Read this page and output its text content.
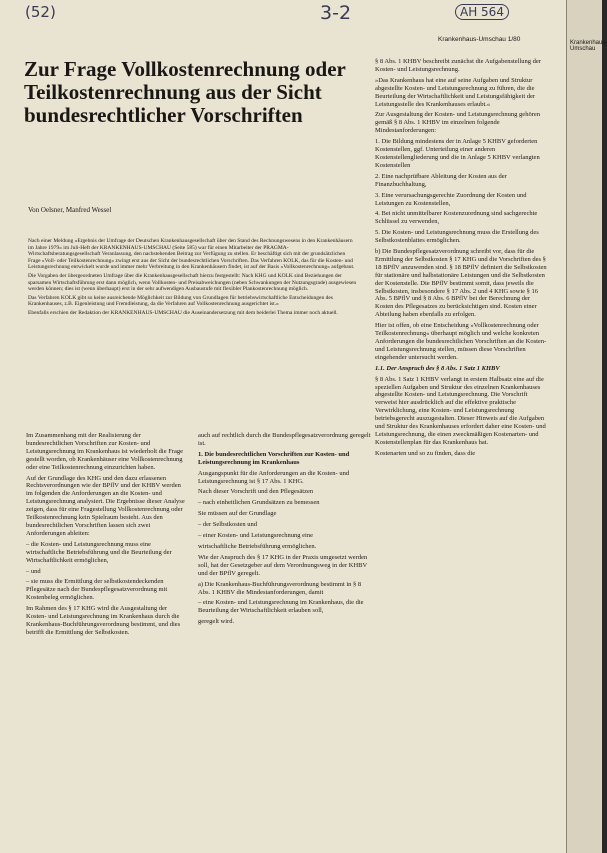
(52)	3-2	AH 564
Krankenhaus-Umschau 1/80
Zur Frage Vollkostenrechnung oder Teilkostenrechnung aus der Sicht bundesrechtlicher Vorschriften
Von Oelsner, Manfred Wessel

Nach einer Meldung »Ergebnis der Umfrage der Deutschen Krankenhausgesellschaft über den Stand des Rechnungswesens in den Krankenhäusern im Jahre 1979« im Juli-Heft der KRANKENHAUS-UMSCHAU (Seite 585) war für einen Mitarbeiter der PRAGMA-Wirtschaftsberatungsgesellschaft Veranlassung, den nachstehenden Beitrag zur Verfügung zu stellen. Er beschäftigt sich mit der grundsätzlichen Frage »Voll- oder Teilkostenrechnung« zwingt erst aus der Sicht der bundesrechtlichen Vorschriften. Das Verfahren KOLK, das für die Kosten- und Leistungsrechnung entwickelt wurde und immer mehr Verbreitung in den Krankenhäusern findet, ist auf der Basis »Vollkostenrechnung« aufgebaut.

Die Vorgaben der übergeordneten Umfrage über die Krankenhausgesellschaft hierzu festgestellt: Nach KHG und KOLK sind Beziehungen der sparsamen Wirtschaftsführung erst dann möglich, wenn Vollkosten- und Preisabweichungen (neben Schwankungen der Nutzungsgrade) ausgewiesen werden können; dies ist (wenn überhaupt) erst in der sehr aufwendigen Ausbaustufe mit flexibler Plankostenrechnung möglich.

Das Verfahren KOLK gibt so keine ausreichende Möglichkeit zur Bildung von Grundlagen für betriebswirtschaftliche Entscheidungen des Krankenhauses, z.B. Eigenleistung und Fremdleistung, da die Verfahren auf Vollkostenrechnung ausgerichtet ist.«

Ebenfalls erschien der Redaktion der KRANKENHAUS-UMSCHAU die Auseinandersetzung mit dem beiderlei Thema immer noch aktuell.

Im Zusammenhang mit der Realisierung der bundesrechtlichen Vorschriften zur Kosten- und Leistungsrechnung im Krankenhaus ist wiederholt die Frage gestellt worden, ob Krankenhäuser eine Vollkostenrechnung oder eine Teilkostenrechnung einzurichten haben.

Auf der Grundlage des KHG und den dazu erlassenen Rechtsverordnungen wie der BPflV und der KHBV werden im folgenden die Anforderungen an die Kosten- und Leistungsrechnung analysiert. Die Ergebnisse dieser Analyse zeigen, dass für eine Fragestellung Vollkostenrechnung oder Teilkostenrechnung kein Spielraum besteht. Aus den bundesrechtlichen Vorschriften lassen sich zwei Anforderungen ableiten:

– die Kosten- und Leistungsrechnung muss eine wirtschaftliche Betriebsführung und die Beurteilung der Wirtschaftlichkeit ermöglichen,

– und

– sie muss die Ermittlung der selbstkostendeckenden Pflegesätze nach der Bundespflegesatzverordnung mit Kostenbeleg ermöglichen.

Im Rahmen des § 17 KHG wird die Ausgestaltung der Kosten- und Leistungsrechnung im Krankenhaus durch die Krankenhaus-Buchführungsverordnung bestimmt, und dies betrifft die Ermittlung der Selbstkosten.

auch auf rechtlich durch die Bundespflegesatzverordnung geregelt ist.

1. Die bundesrechtlichen Vorschriften zur Kosten- und Leistungsrechnung im Krankenhaus

Ausgangspunkt für die Anforderungen an die Kosten- und Leistungsrechnung ist § 17 Abs. 1 KHG.

Nach dieser Vorschrift und den Pflegesätzen

– nach einheitlichen Grundsätzen zu bemessen

Sie müssen auf der Grundlage

– der Selbstkosten und

– einer Kosten- und Leistungsrechnung eine

wirtschaftliche Betriebsführung ermöglichen.

Wie der Anspruch des § 17 KHG in der Praxis umgesetzt werden soll, hat der Gesetzgeber auf dem Verordnungsweg in der KHBV und der BPflV geregelt.

a) Die Krankenhaus-Buchführungsverordnung bestimmt in § 8 Abs. 1 KHBV die Mindestanforderungen, damit

– eine Kosten- und Leistungsrechnung im Krankenhaus, die die Beurteilung der Wirtschaftlichkeit erlauben soll,

geregelt wird.

§ 8 Abs. 1 KHBV beschreibt zunächst die Aufgabenstellung der Kosten- und Leistungsrechnung.

»Das Krankenhaus hat eine auf seine Aufgaben und Struktur abgestellte Kosten- und Leistungsrechnung zu führen, die die Beurteilung der Wirtschaftlichkeit und Leistungsfähigkeit der Leistungsstelle des Krankenhauses erlaubt.«

Zur Ausgestaltung der Kosten- und Leistungsrechnung gehören gemäß § 8 Abs. 1 KHBV im einzelnen folgende Mindestanforderungen:

1. Die Bildung mindestens der in Anlage 5 KHBV geforderten Kostenstellen, ggf. Unterteilung einer anderen Kostenstellengliederung und die in Anlage 5 KHBV verlangten Kostenstellen

2. Eine nachprüfbare Ableitung der Kosten aus der Finanzbuchhaltung,

3. Eine verursachungsgerechte Zuordnung der Kosten und Leistungen zu Kostenstellen,

4. Bei nicht unmittelbarer Kostenzuordnung sind sachgerechte Schlüssel zu verwenden,

5. Die Kosten- und Leistungsrechnung muss die Erstellung des Selbstkostenblattes ermöglichen.

b) Die Bundespflegesatzverordnung schreibt vor, dass für die Ermittlung der Selbstkosten § 17 KHG und die Vorschriften des § 18 BPflV anzuwenden sind. § 18 BPflV definiert die Selbstkosten für stationäre und halbstationäre Leistungen und die Selbstkosten der Kostenstelle. Die BPflV bestimmt somit, dass jeweils die Selbstkosten, insbesondere § 17 Abs. 2 und 4 KHG sowie § 16 Abs. 5 BPflV und § 8 Abs. 6 BPflV bei der Berechnung der Kosten des Pflegesatzes zu berücksichtigen sind. Kosten einer Abteilung haben ebenfalls zu erfolgen.

Hier ist offen, ob eine Entscheidung »Vollkostenrechnung oder Teilkostenrechnung« überhaupt möglich und welche konkreten Anforderungen die bundesrechtlichen Vorschriften an die Kosten- und Leistungsrechnung stellen, müssen diese Vorschriften eingehender untersucht werden.

1.1. Der Anspruch des § 8 Abs. 1 Satz 1 KHBV

§ 8 Abs. 1 Satz 1 KHBV verlangt in erstem Halbsatz eine auf die speziellen Aufgaben und Struktur des einzelnen Krankenhauses abgestellte Kosten- und Leistungsrechnung. Die Vorschrift verweist hier ausdrücklich auf die effektive praktische Verwirklichung, eine Kosten- und Leistungsrechnung betriebsgerecht auszugestalten. Dieser Hinweis auf die Aufgaben und Struktur des Krankenhauses erfordert daher eine Kosten- und Leistungsrechnung, die einen zweckmäßigen Kostenarten- und Kostenstellenplan für das Krankenhaus hat.

Kostenarten und so zu finden, dass die

Krankenhaus-Umschau
